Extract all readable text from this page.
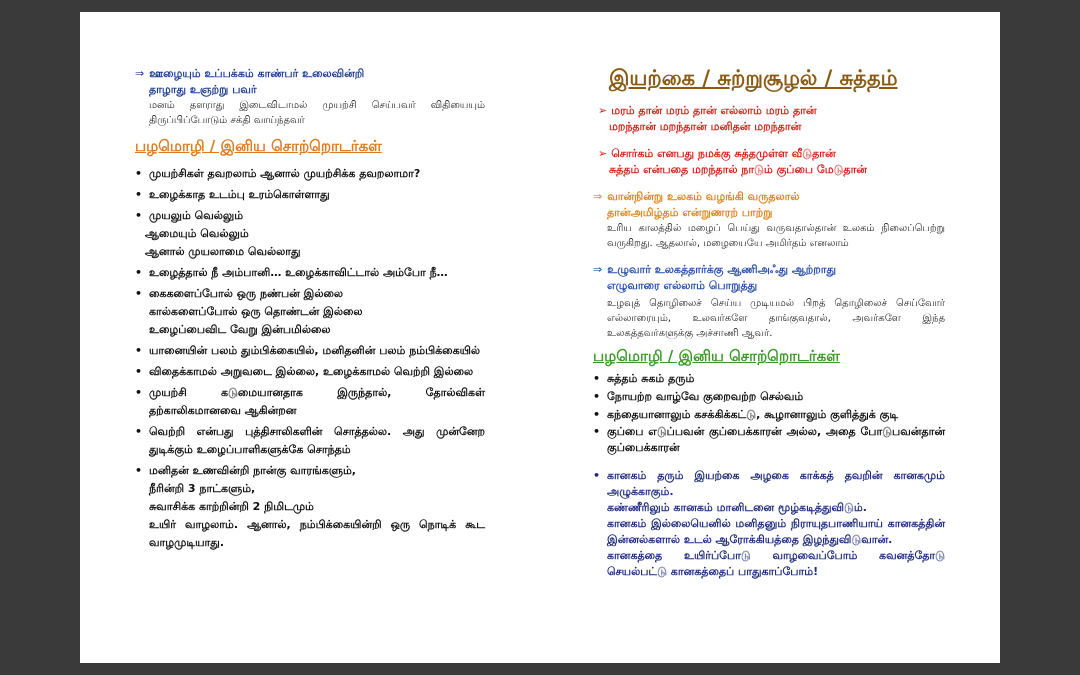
⇒ ஊழையும் உப்பக்கம் காண்பர் உலைவின்றி
தாழாது உஞற்று பவர்
மனம் தளராது இடைவிடாமல் முயற்சி செய்பவர் விதியையும் திருப்பிப்போடும் சக்தி வாய்ந்தவர்
பழமொழி / இனிய சொற்றொடர்கள்
• முயற்சிகள் தவறலாம் ஆனால் முயற்சிக்க தவறலாமா?
• உழைக்காத உடம்பு உரம்கொள்ளாது
• முயலும் வெல்லும்
ஆமையும் வெல்லும்
ஆனால் முயலாமை வெல்லாது
• உழைத்தால் நீ அம்பானி… உழைக்காவிட்டால் அம்போ நீ…
• கைகளைப்போல் ஒரு நண்பன் இல்லை
கால்களைப்போல் ஒரு தொண்டன் இல்லை
உழைப்பைவிட வேறு இன்பமில்லை
• யானையின் பலம் தும்பிக்கையில், மனிதனின் பலம் நம்பிக்கையில்
• விதைக்காமல் அறுவடை இல்லை, உழைக்காமல் வெற்றி இல்லை
• முயற்சி கடுமையானதாக இருந்தால், தோல்விகள் தற்காலிகமானவை ஆகின்றன
• வெற்றி என்பது புத்திசாலிகளின் சொத்தல்ல. அது முன்னேற துடிக்கும் உழைப்பாளிகளுக்கே சொந்தம்
• மனிதன் உணவின்றி நான்கு வாரங்களும்,
நீரின்றி 3 நாட்களும்,
சுவாசிக்க காற்றின்றி 2 நிமிடமும்
உயிர் வாழலாம். ஆனால், நம்பிக்கையின்றி ஒரு நொடிக் கூட வாழமுடியாது.
இயற்கை / சுற்றுசூழல் / சுத்தம்
➢ மரம் தான் மரம் தான் எல்லாம் மரம் தான்
மறந்தான் மறந்தான் மனிதன் மறந்தான்
➢ சொர்கம் எனபது நமக்கு சுத்தமுள்ள வீடுதான்
சுத்தம் என்பதை மறந்தால் நாடும் குப்பை மேடுதான்
⇒ வான்நின்று உலகம் வழங்கி வருதலால்
தான்அமிழ்தம் என்றுணரற் பாற்று
உரிய காலத்தில் மழைப் பெய்து வருவதால்தான் உலகம் நிலைப்பெற்று வருகிறது. ஆதலால், மழையையே அமிர்தம் எனலாம்
⇒ உழுவார் உலகத்தார்க்கு ஆணிஅஃது ஆற்றாது
எழுவாரை எல்லாம் பொறுத்து
உழவுத் தொழிலைச் செய்ய முடியமல் பிறத் தொழிலைச் செய்வோர் எல்லாரையும், உலவர்களே தாங்குவதால், அவர்களே இந்த உலகத்தவர்களுக்கு அச்சாணி ஆவர்.
பழமொழி / இனிய சொற்றொடர்கள்
• சுத்தம் சுகம் தரும்
• நோயற்ற வாழ்வே குறைவற்ற செல்வம்
• கந்தையானாலும் கசக்கிக்கட்டு, கூழானாலும் குளித்துக் குடி
• குப்பை எடுப்பவன் குப்பைக்காரன் அல்ல, அதை போடுபவன்தான் குப்பைக்காரன்
• கானகம் தரும் இயற்கை அழகை காக்கத் தவறின் கானகமும் அழுக்காகும்.
கண்ணீரிலும் கானகம் மானிடனை மூழ்கடித்துவிடும்.
கானகம் இல்லையெனில் மனிதனும் நிராயுதபாணியாய் கானகத்தின் இன்னல்களால் உடல் ஆரோக்கியத்தை இழந்துவிடுவான்.
கானகத்தை உயிர்ப்போடு வாழவைப்போம் கவனத்தோடு செயல்பட்டு கானகத்தைப் பாதுகாப்போம்!
